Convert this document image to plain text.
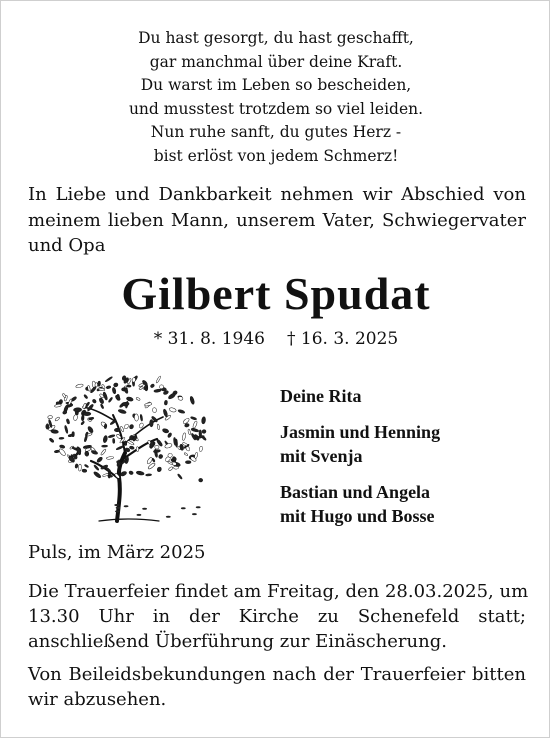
Du hast gesorgt, du hast geschafft,
gar manchmal über deine Kraft.
Du warst im Leben so bescheiden,
und musstest trotzdem so viel leiden.
Nun ruhe sanft, du gutes Herz -
bist erlöst von jedem Schmerz!
In Liebe und Dankbarkeit nehmen wir Abschied von
meinem lieben Mann, unserem Vater, Schwiegervater
und Opa
Gilbert Spudat
* 31. 8. 1946 † 16. 3. 2025
Deine Rita
Jasmin und Henning
mit Svenja
Bastian und Angela
mit Hugo und Bosse
Puls, im März 2025
Die Trauerfeier findet am Freitag, den 28.03.2025, um
13.30 Uhr in der Kirche zu Schenefeld statt;
anschließend Überführung zur Einäscherung.
Von Beileidsbekundungen nach der Trauerfeier bitten
wir abzusehen.
